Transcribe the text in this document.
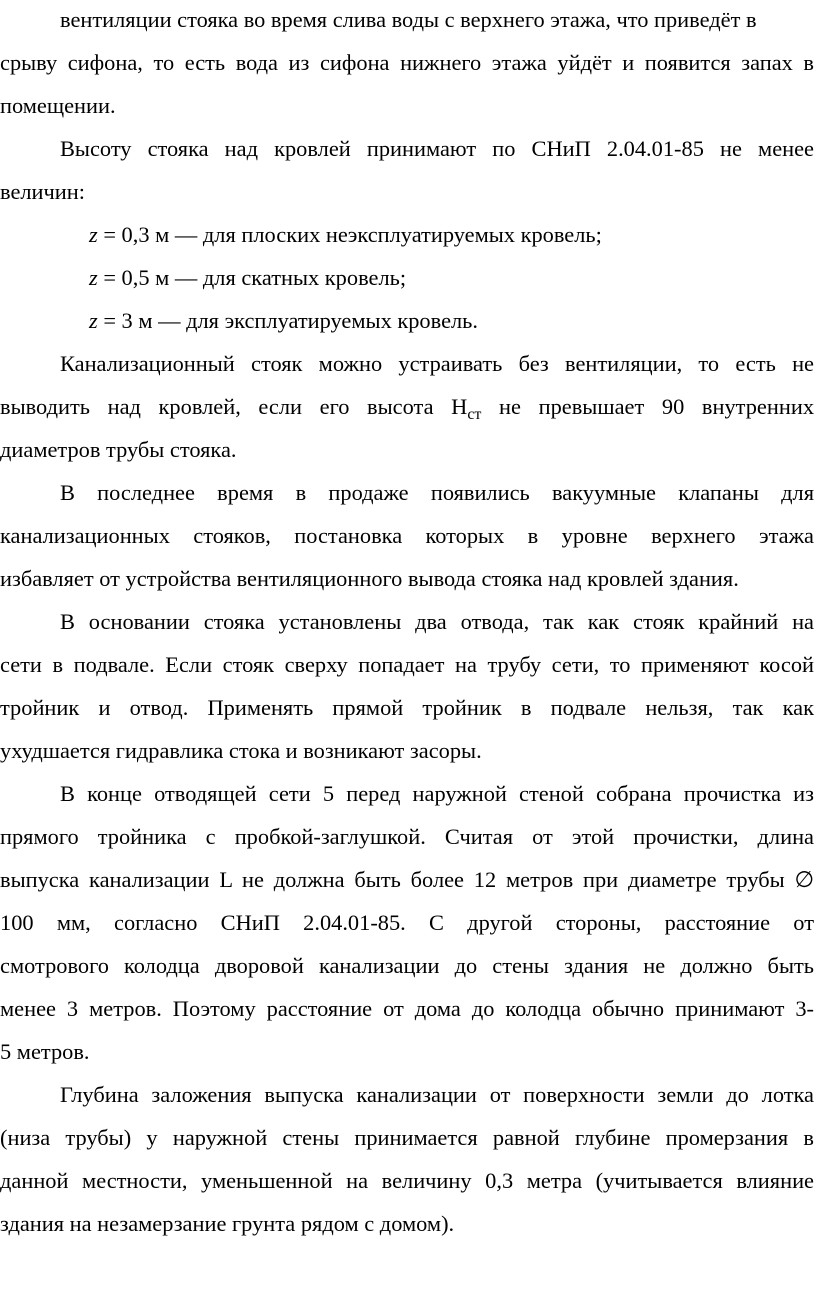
вентиляции стояка во время слива воды с верхнего этажа, что приведёт в
срыву сифона, то есть вода из сифона нижнего этажа уйдёт и появится запах в
помещении.
Высоту стояка над кровлей принимают по СНиП 2.04.01-85 не менее
величин:
z = 0,3 м — для плоских неэксплуатируемых кровель;
z = 0,5 м — для скатных кровель;
z = 3 м — для эксплуатируемых кровель.
Канализационный стояк можно устраивать без вентиляции, то есть не
выводить над кровлей, если его высота $Н_{ст}$ не превышает 90 внутренних
диаметров трубы стояка.
В последнее время в продаже появились вакуумные клапаны для
канализационных стояков, постановка которых в уровне верхнего этажа
избавляет от устройства вентиляционного вывода стояка над кровлей здания.
В основании стояка установлены два отвода, так как стояк крайний на
сети в подвале. Если стояк сверху попадает на трубу сети, то применяют косой
тройник и отвод. Применять прямой тройник в подвале нельзя, так как
ухудшается гидравлика стока и возникают засоры.
В конце отводящей сети 5 перед наружной стеной собрана прочистка из
прямого тройника с пробкой-заглушкой. Считая от этой прочистки, длина
выпуска канализации L не должна быть более 12 метров при диаметре трубы ∅
100 мм, согласно СНиП 2.04.01-85. С другой стороны, расстояние от
смотрового колодца дворовой канализации до стены здания не должно быть
менее 3 метров. Поэтому расстояние от дома до колодца обычно принимают 3-
5 метров.
Глубина заложения выпуска канализации от поверхности земли до лотка
(низа трубы) у наружной стены принимается равной глубине промерзания в
данной местности, уменьшенной на величину 0,3 метра (учитывается влияние
здания на незамерзание грунта рядом с домом).
